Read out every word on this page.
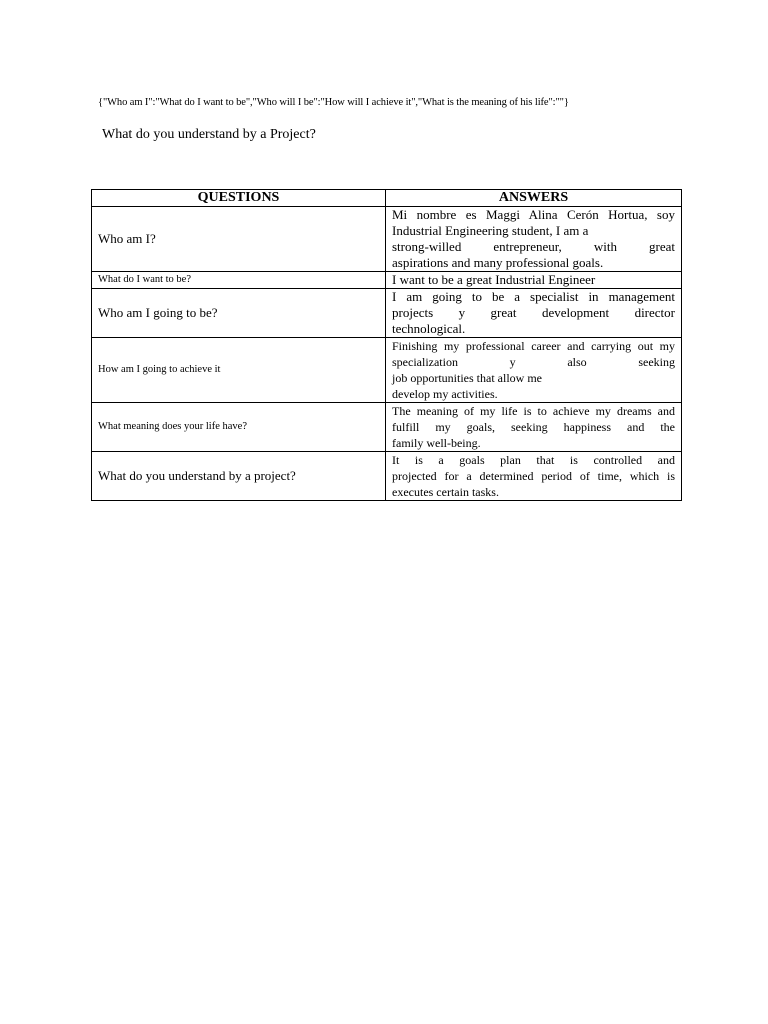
{"Who am I":"What do I want to be","Who will I be":"How will I achieve it","What is the meaning of his life":""}
What do you understand by a Project?
QUESTIONS	ANSWERS
Who am I?	Mi nombre es Maggi Alina Cerón Hortua, soy
Industrial Engineering student, I am a
strong-willed entrepreneur, with great
aspirations and many professional goals.

What do I want to be?	I want to be a great Industrial Engineer

Who am I going to be?	I am going to be a specialist in management
projects y great development director
technological.

How am I going to achieve it	Finishing my professional career and carrying out my
specialization y also seeking
job opportunities that allow me
develop my activities.

What meaning does your life have?	The meaning of my life is to achieve my dreams and
fulfill my goals, seeking happiness and the
family well-being.

What do you understand by a project?	It is a goals plan that is controlled and
projected for a determined period of time, which is
executes certain tasks.
